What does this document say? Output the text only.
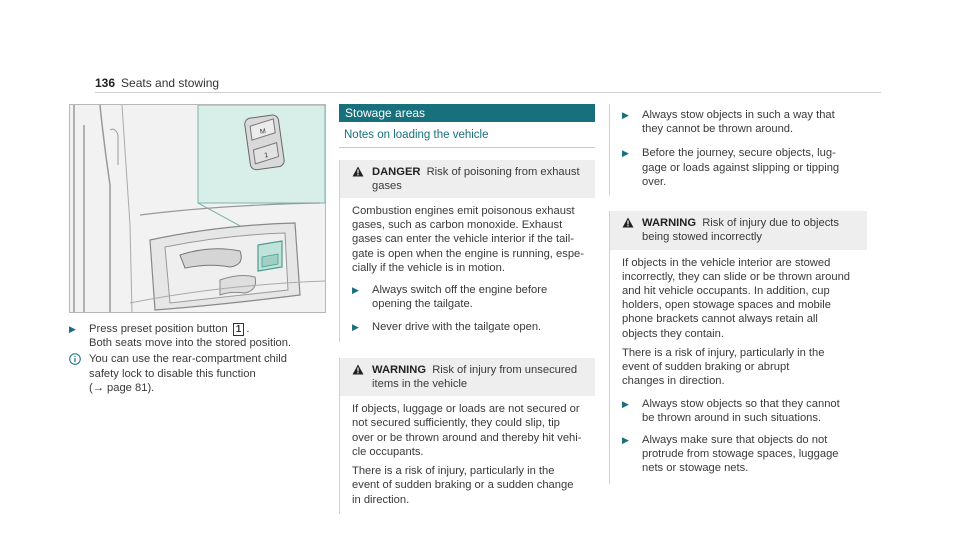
136 Seats and stowing
M
1
▶ Press preset position button 1 .
Both seats move into the stored position.
You can use the rear-compartment child
safety lock to disable this function
(→ page 81).
Stowage areas
Notes on loading the vehicle
DANGER Risk of poisoning from exhaust
gases
Combustion engines emit poisonous exhaust
gases, such as carbon monoxide. Exhaust
gases can enter the vehicle interior if the tail-
gate is open when the engine is running, espe-
cially if the vehicle is in motion.
▶ Always switch off the engine before
opening the tailgate.
▶ Never drive with the tailgate open.
WARNING Risk of injury from unsecured
items in the vehicle

If objects, luggage or loads are not secured or
not secured sufficiently, they could slip, tip
over or be thrown around and thereby hit vehi-
cle occupants.

There is a risk of injury, particularly in the
event of sudden braking or a sudden change
in direction.

▶ Always stow objects in such a way that
they cannot be thrown around.
▶ Before the journey, secure objects, lug-
gage or loads against slipping or tipping
over.
WARNING Risk of injury due to objects
being stowed incorrectly

If objects in the vehicle interior are stowed
incorrectly, they can slide or be thrown around
and hit vehicle occupants. In addition, cup
holders, open stowage spaces and mobile
phone brackets cannot always retain all
objects they contain.

There is a risk of injury, particularly in the
event of sudden braking or abrupt
changes in direction.

▶ Always stow objects so that they cannot
be thrown around in such situations.
▶ Always make sure that objects do not
protrude from stowage spaces, luggage
nets or stowage nets.
